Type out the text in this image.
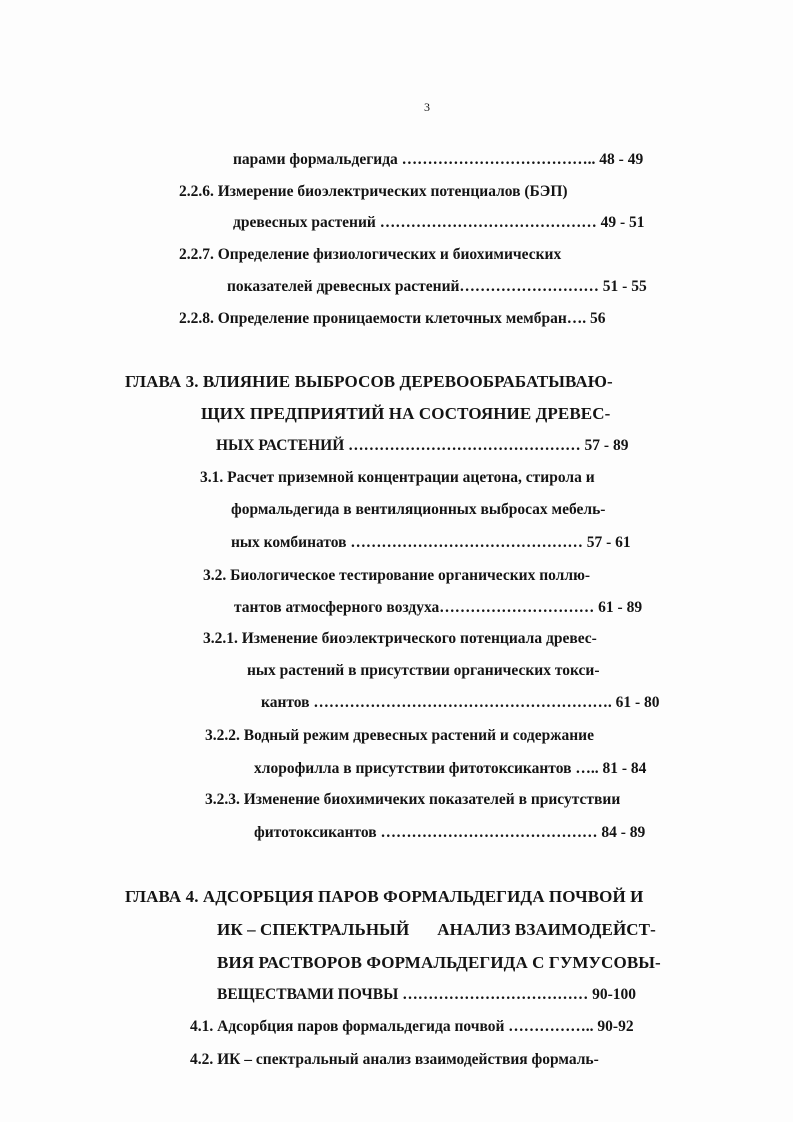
3
парами формальдегида ……………………………….. 48 - 49
2.2.6. Измерение биоэлектрических потенциалов (БЭП)
древесных растений …………………………………… 49 - 51
2.2.7. Определение физиологических и биохимических
показателей древесных растений……………………… 51 - 55
2.2.8. Определение проницаемости клеточных мембран…. 56
ГЛАВА 3. ВЛИЯНИЕ ВЫБРОСОВ ДЕРЕВООБРАБАТЫВАЮ-
ЩИХ ПРЕДПРИЯТИЙ НА СОСТОЯНИЕ ДРЕВЕС-
НЫХ РАСТЕНИЙ ……………………………………… 57 - 89
3.1. Расчет приземной концентрации ацетона, стирола и
формальдегида в вентиляционных выбросах мебель-
ных комбинатов ……………………………………… 57 - 61
3.2. Биологическое тестирование органических поллю-
тантов атмосферного воздуха………………………… 61 - 89
3.2.1. Изменение биоэлектрического потенциала древес-
ных растений в присутствии органических токси-
кантов …………………………………………………. 61 - 80
3.2.2. Водный режим древесных растений и содержание
хлорофилла в присутствии фитотоксикантов ….. 81 - 84
3.2.3. Изменение биохимичеких показателей в присутствии
фитотоксикантов …………………………………… 84 - 89
ГЛАВА 4. АДСОРБЦИЯ ПАРОВ ФОРМАЛЬДЕГИДА ПОЧВОЙ И
ИК – СПЕКТРАЛЬНЫЙ АНАЛИЗ ВЗАИМОДЕЙСТ-
ВИЯ РАСТВОРОВ ФОРМАЛЬДЕГИДА С ГУМУСОВЫ-
ВЕЩЕСТВАМИ ПОЧВЫ ……………………………… 90-100
4.1. Адсорбция паров формальдегида почвой …………….. 90-92
4.2. ИК – спектральный анализ взаимодействия формаль-
